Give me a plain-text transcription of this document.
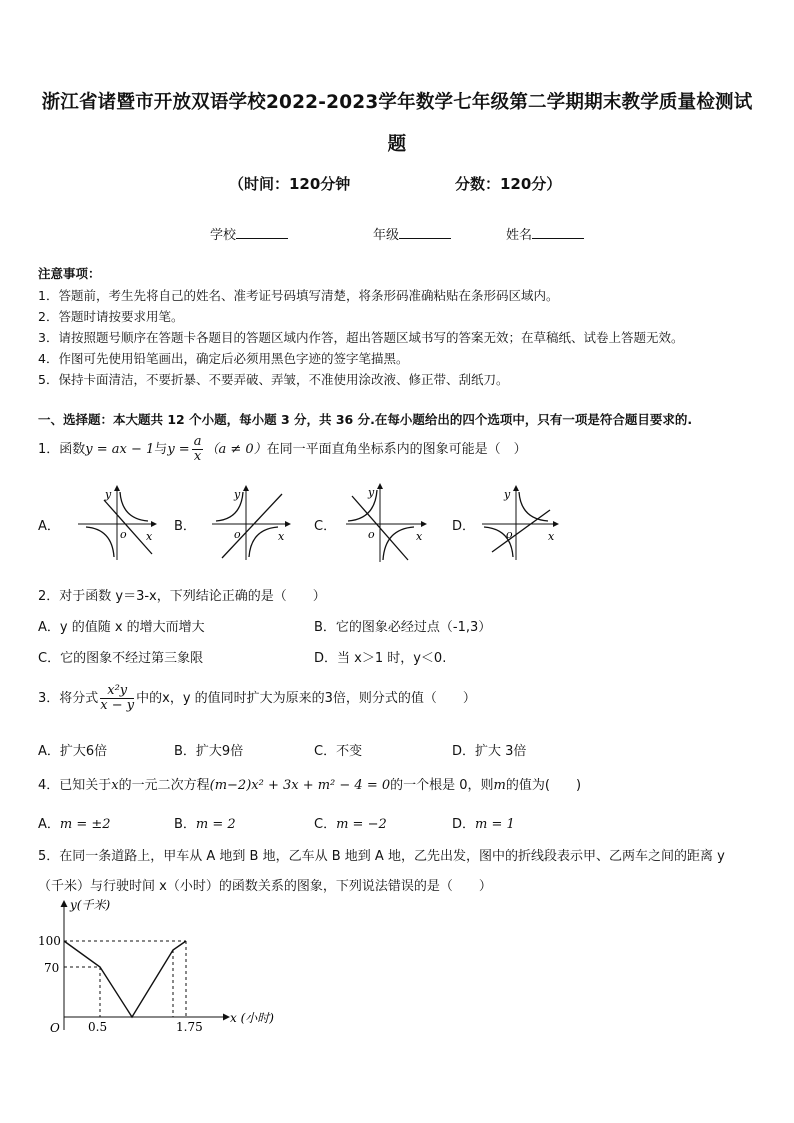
浙江省诸暨市开放双语学校2022-2023学年数学七年级第二学期期末教学质量检测试
题
（时间：120分钟	分数：120分）
学校	年级	姓名
注意事项：
1．答题前，考生先将自己的姓名、准考证号码填写清楚，将条形码准确粘贴在条形码区域内。
2．答题时请按要求用笔。
3．请按照题号顺序在答题卡各题目的答题区域内作答，超出答题区域书写的答案无效；在草稿纸、试卷上答题无效。
4．作图可先使用铅笔画出，确定后必须用黑色字迹的签字笔描黑。
5．保持卡面清洁，不要折暴、不要弄破、弄皱，不准使用涂改液、修正带、刮纸刀。
一、选择题：本大题共 12 个小题，每小题 3 分，共 36 分.在每小题给出的四个选项中，只有一项是符合题目要求的.
1．函数y = ax − 1与$y = \frac{a}{x} (a \ne 0)$在同一平面直角坐标系内的图象可能是（　）
A．	B．	C．	D．
y
x
o
y
x
o
y
x
o
y
x
o
2．对于函数 y＝3-x，下列结论正确的是（　　）
A．y 的值随 x 的增大而增大	B．它的图象必经过点（-1,3）
C．它的图象不经过第三象限	D．当 x＞1 时，y＜0.
3．将分式 $\frac{\text{x²y}}{x - y}$ 中的x，y 的值同时扩大为原来的3倍，则分式的值（　　）
A．扩大6倍	B．扩大9倍	C．不变	D．扩大 3倍
4．已知关于x的一元二次方程(m−2)x² + 3x + m² − 4 = 0的一个根是 0，则m的值为(　　)
A．m = ±2	B．m = 2	C．m = −2	D．m = 1
5．在同一条道路上，甲车从 A 地到 B 地，乙车从 B 地到 A 地，乙先出发，图中的折线段表示甲、乙两车之间的距离 y
（千米）与行驶时间 x（小时）的函数关系的图象，下列说法错误的是（　　）
y(千米)
x (小时)
O
100
70
0.5	1.75
